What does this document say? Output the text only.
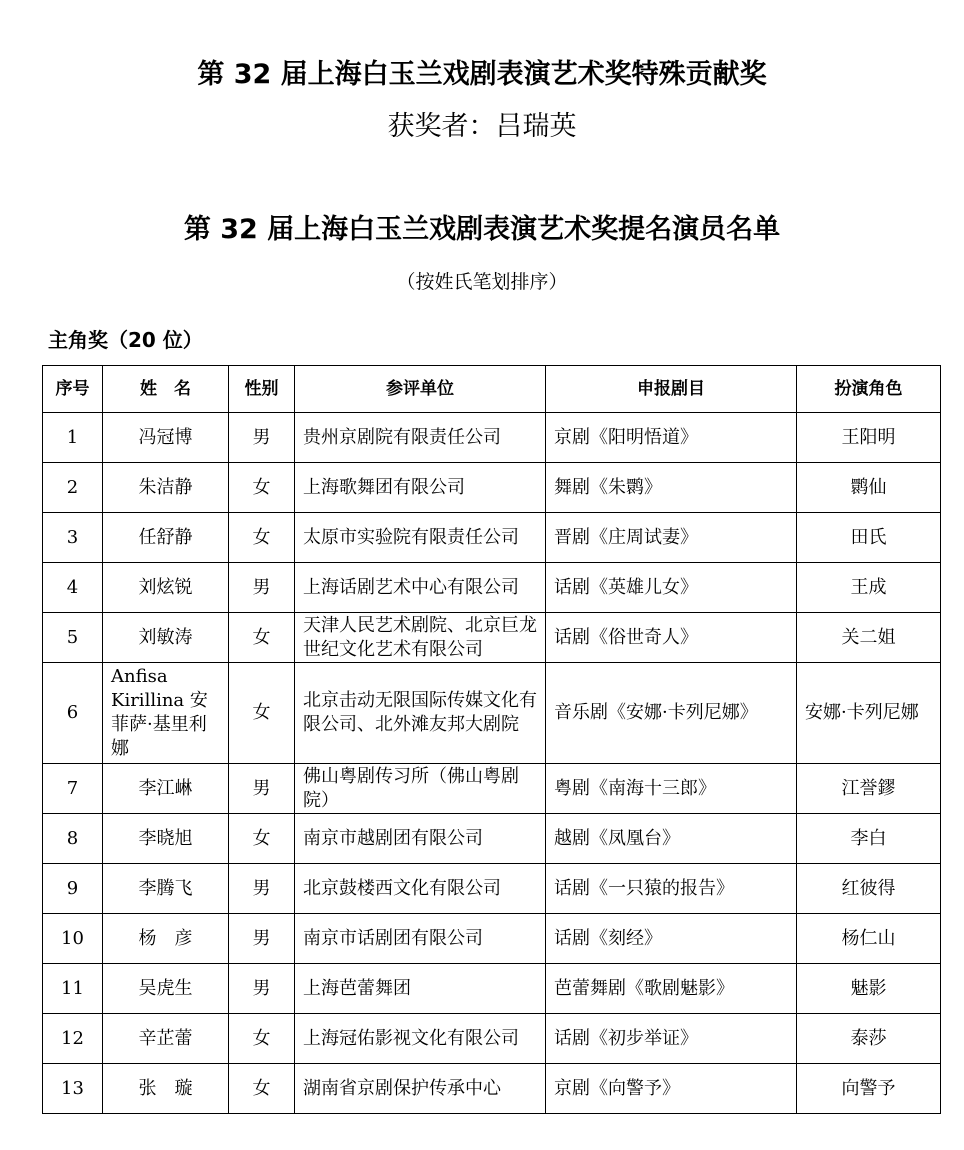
第 32 届上海白玉兰戏剧表演艺术奖特殊贡献奖
获奖者：吕瑞英
第 32 届上海白玉兰戏剧表演艺术奖提名演员名单
（按姓氏笔划排序）
主角奖（20 位）
序号	姓　名	性别	参评单位	申报剧目	扮演角色
1	冯冠博	男	贵州京剧院有限责任公司	京剧《阳明悟道》	王阳明
2	朱洁静	女	上海歌舞团有限公司	舞剧《朱鹮》	鹮仙
3	任舒静	女	太原市实验院有限责任公司	晋剧《庄周试妻》	田氏
4	刘炫锐	男	上海话剧艺术中心有限公司	话剧《英雄儿女》	王成
5	刘敏涛	女	天津人民艺术剧院、北京巨龙世纪文化艺术有限公司	话剧《俗世奇人》	关二姐
6	Anfisa Kirillina 安菲萨·基里利娜	女	北京击动无限国际传媒文化有限公司、北外滩友邦大剧院	音乐剧《安娜·卡列尼娜》	安娜·卡列尼娜
7	李江崊	男	佛山粤剧传习所（佛山粤剧院）	粤剧《南海十三郎》	江誉鏐
8	李晓旭	女	南京市越剧团有限公司	越剧《凤凰台》	李白
9	李腾飞	男	北京鼓楼西文化有限公司	话剧《一只猿的报告》	红彼得
10	杨　彦	男	南京市话剧团有限公司	话剧《刻经》	杨仁山
11	吴虎生	男	上海芭蕾舞团	芭蕾舞剧《歌剧魅影》	魅影
12	辛芷蕾	女	上海冠佑影视文化有限公司	话剧《初步举证》	泰莎
13	张　璇	女	湖南省京剧保护传承中心	京剧《向警予》	向警予
